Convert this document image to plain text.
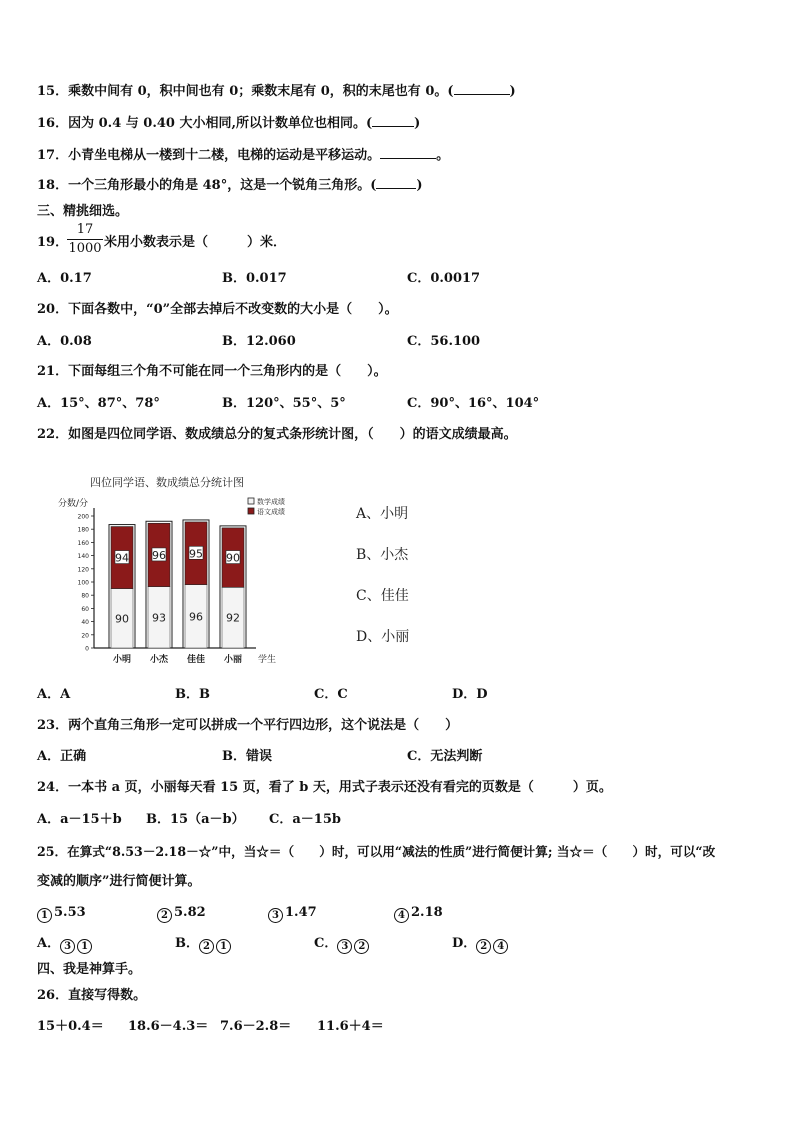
15．乘数中间有 0，积中间也有 0；乘数末尾有 0，积的末尾也有 0。(	)
16．因为 0.4 与 0.40 大小相同,所以计数单位也相同。(	)
17．小青坐电梯从一楼到十二楼，电梯的运动是平移运动。	。
18．一个三角形最小的角是 48°，这是一个锐角三角形。(	)
三、精挑细选。
19．
17
1000 米用小数表示是（　　　）米．
A．0.17	B．0.017	C．0.0017
20．下面各数中，“0”全部去掉后不改变数的大小是（　　）。
A．0.08	B．12.060	C．56.100
21．下面每组三个角不可能在同一个三角形内的是（　　）。
A．15°、87°、78°	B．120°、55°、5°	C．90°、16°、104°
22．如图是四位同学语、数成绩总分的复式条形统计图，（　　）的语文成绩最高。
四位同学语、数成绩总分统计图
分数/分
0
20
40
60
80
100
120
140
160
180
200
学生
数学成绩
语文成绩
94
90
小明
96
93
小杰
95
96
佳佳
90
92
小丽
A、小明
B、小杰
C、佳佳
D、小丽
A．A	B．B	C．C	D．D
23．两个直角三角形一定可以拼成一个平行四边形，这个说法是（　　）
A．正确	B．错误	C．无法判断
24．一本书 a 页，小丽每天看 15 页，看了 b 天，用式子表示还没有看完的页数是（　　　）页。
A．a－15＋b B．15（a－b） C．a－15b
25．在算式“8.53－2.18－☆”中，当☆＝（　　）时，可以用“减法的性质”进行简便计算; 当☆＝（　　）时，可以“改
变减的顺序”进行简便计算。
1 5.53	2 5.82	3 1.47	4 2.18
A． 3 1	B． 2 1	C． 3 2	D． 2 4
四、我是神算手。
26．直接写得数。
15＋0.4＝ 18.6－4.3＝ 7.6－2.8＝ 11.6＋4＝
